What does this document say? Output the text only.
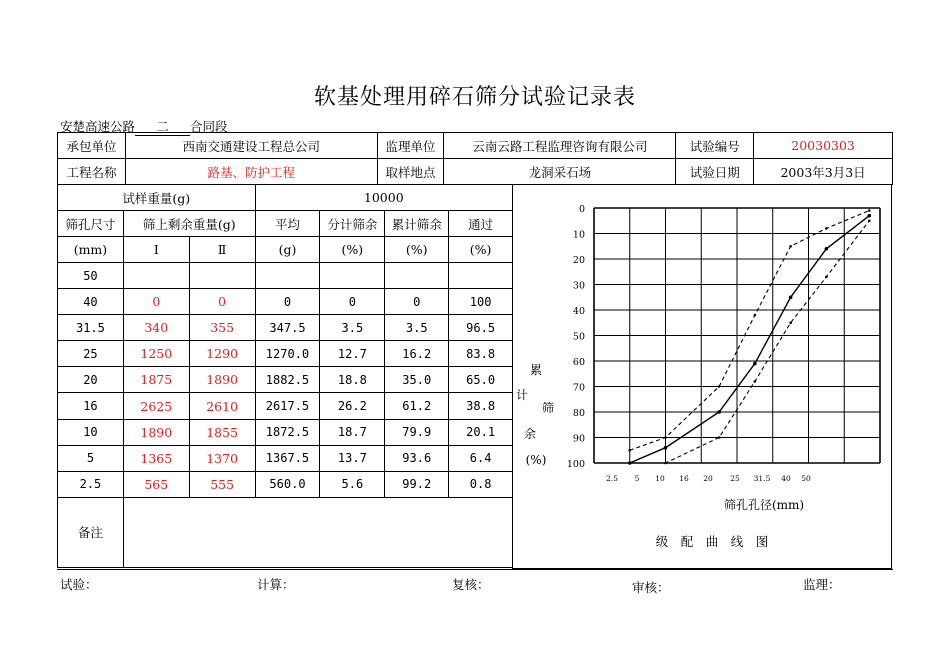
软基处理用碎石筛分试验记录表
安楚高速公路 二 合同段
承包单位	西南交通建设工程总公司	监理单位	云南云路工程监理咨询有限公司	试验编号	20030303
工程名称	路基、防护工程	取样地点	龙洞采石场	试验日期	2003年3月3日
试样重量(g)			10000			
筛孔尺寸	筛上剩余重量(g)		平均	分计筛余	累计筛余	通过
(mm)	Ⅰ	Ⅱ	(g)	(%)	(%)	(%)
50						
40	0	0	0	0	0	100
31.5	340	355	347.5	3.5	3.5	96.5
25	1250	1290	1270.0	12.7	16.2	83.8
20	1875	1890	1882.5	18.8	35.0	65.0
16	2625	2610	2617.5	26.2	61.2	38.8
10	1890	1855	1872.5	18.7	79.9	20.1
5	1365	1370	1367.5	13.7	93.6	6.4
2.5	565	555	560.0	5.6	99.2	0.8
备注						
0
10
20
30
40
50
60
70
80
90
100
2.5 5 10 16 20 25 31.5 40 50
累
计
筛
余
(%)
筛孔孔径(mm)
级　配　曲　线　图
试验：	计算：	复核：	审核：	监理：
